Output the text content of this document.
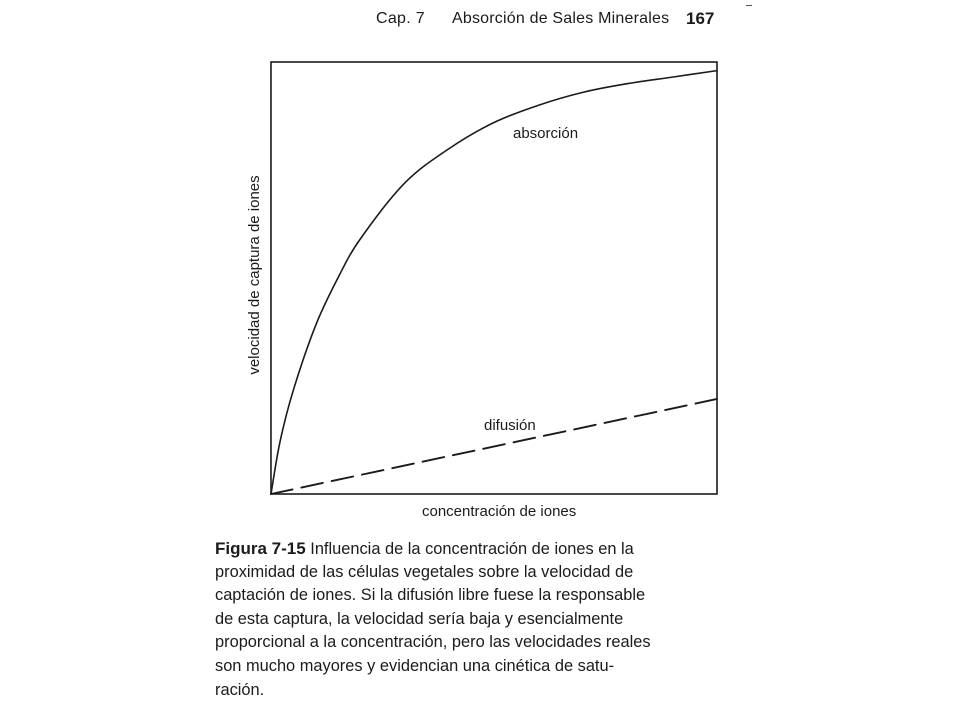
Cap. 7 Absorción de Sales Minerales 167
absorción
difusión
concentración de iones
velocidad de captura de iones
Figura 7-15 Influencia de la concentración de iones en la
proximidad de las células vegetales sobre la velocidad de
captación de iones. Si la difusión libre fuese la responsable
de esta captura, la velocidad sería baja y esencialmente
proporcional a la concentración, pero las velocidades reales
son mucho mayores y evidencian una cinética de satu-
ración.
